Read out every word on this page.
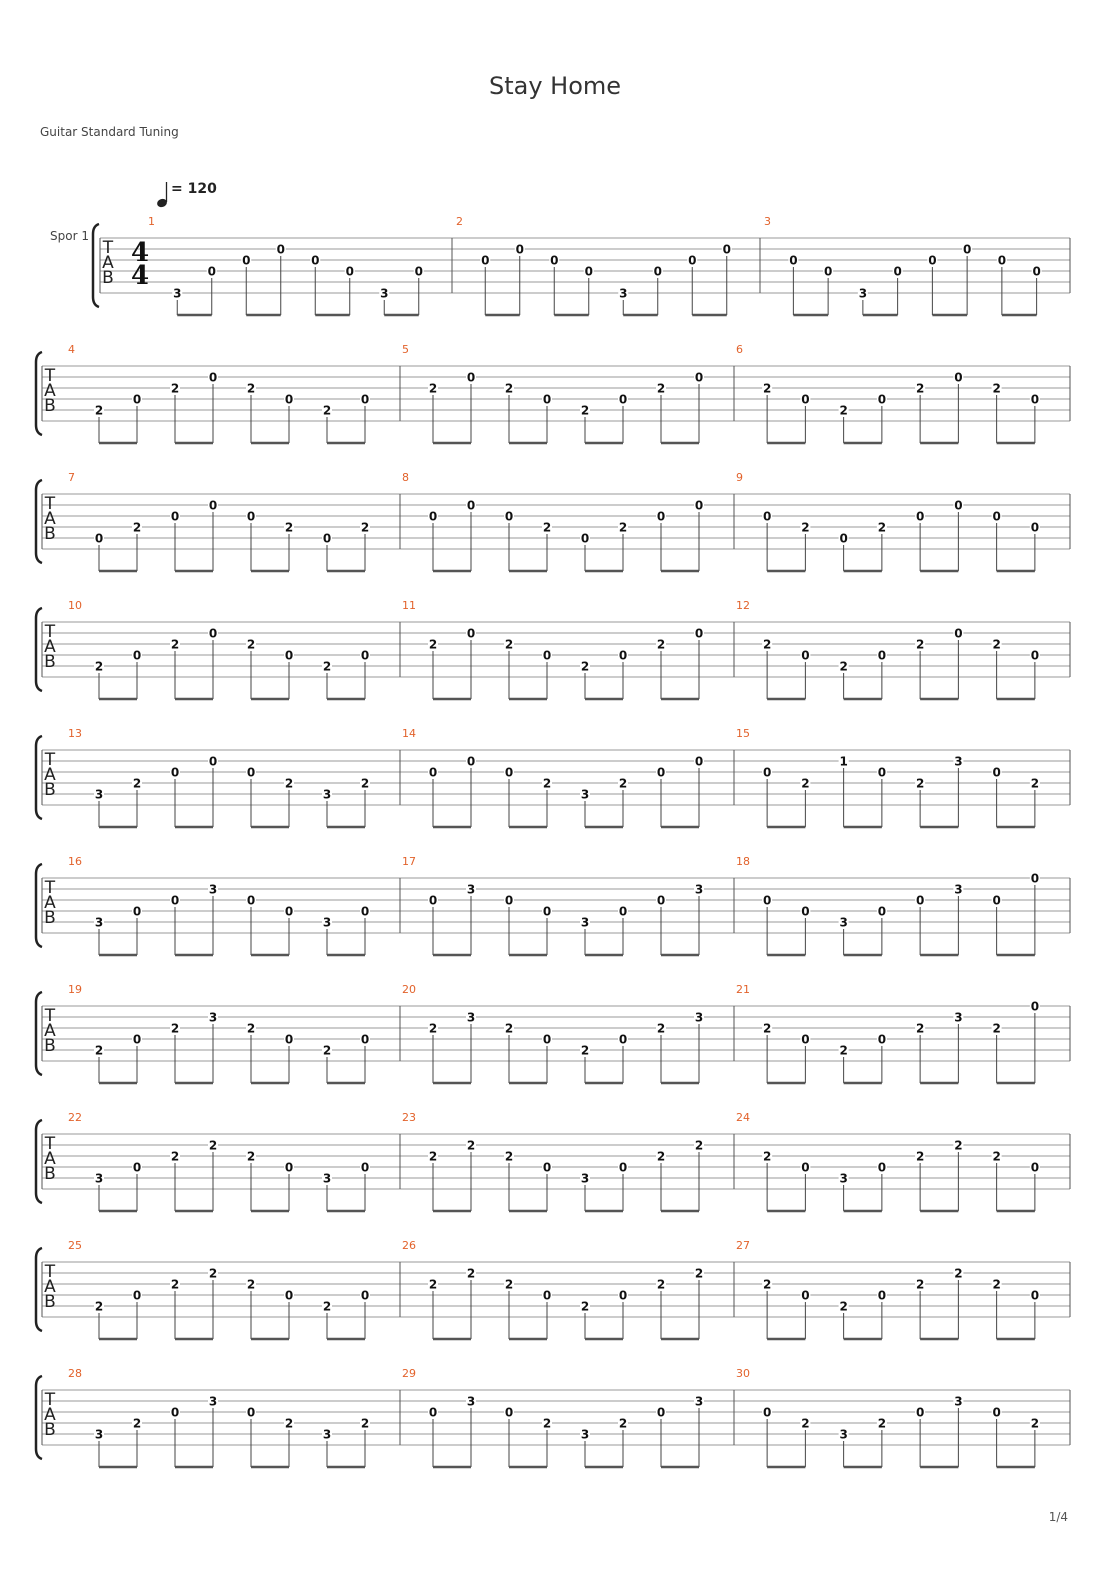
Stay Home
Guitar Standard Tuning
1/4
1
3
0
0
0
0
0
3
0
2
0
0
0
0
3
0
0
0
3
0
0
3
0
0
0
0
0
4
2
0
2
0
2
0
2
0
5
2
0
2
0
2
0
2
0
6
2
0
2
0
2
0
2
0
7
0
2
0
0
0
2
0
2
8
0
0
0
2
0
2
0
0
9
0
2
0
2
0
0
0
0
10
2
0
2
0
2
0
2
0
11
2
0
2
0
2
0
2
0
12
2
0
2
0
2
0
2
0
13
3
2
0
0
0
2
3
2
14
0
0
0
2
3
2
0
0
15
0
2
1
0
2
3
0
2
16
3
0
0
3
0
0
3
0
17
0
3
0
0
3
0
0
3
18
0
0
3
0
0
3
0
0
19
2
0
2
3
2
0
2
0
20
2
3
2
0
2
0
2
3
21
2
0
2
0
2
3
2
0
22
3
0
2
2
2
0
3
0
23
2
2
2
0
3
0
2
2
24
2
0
3
0
2
2
2
0
25
2
0
2
2
2
0
2
0
26
2
2
2
0
2
0
2
2
27
2
0
2
0
2
2
2
0
28
3
2
0
3
0
2
3
2
29
0
3
0
2
3
2
0
3
30
0
2
3
2
0
3
0
2
T
A
B
4
4
Spor 1
T
A
B
T
A
B
T
A
B
T
A
B
T
A
B
T
A
B
T
A
B
T
A
B
T
A
B
= 120
